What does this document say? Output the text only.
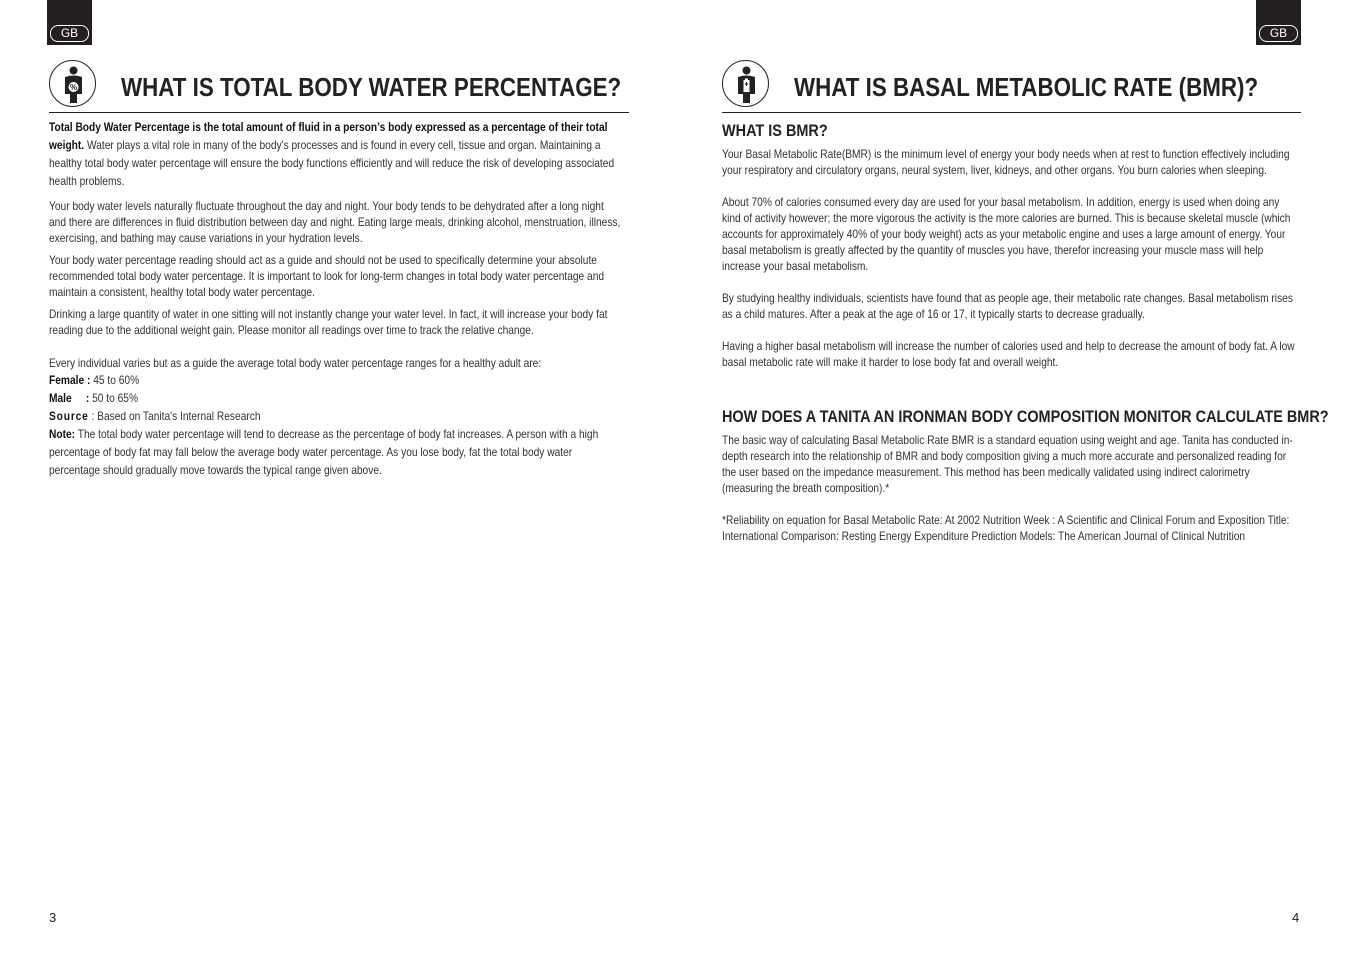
GB
% WHAT IS TOTAL BODY WATER PERCENTAGE?

Total Body Water Percentage is the total amount of fluid in a person’s body expressed as a percentage of their total weight. Water plays a vital role in many of the body's processes and is found in every cell, tissue and organ. Maintaining a healthy total body water percentage will ensure the body functions efficiently and will reduce the risk of developing associated health problems.

Your body water levels naturally fluctuate throughout the day and night. Your body tends to be dehydrated after a long night and there are differences in fluid distribution between day and night. Eating large meals, drinking alcohol, menstruation, illness, exercising, and bathing may cause variations in your hydration levels.

Your body water percentage reading should act as a guide and should not be used to specifically determine your absolute recommended total body water percentage. It is important to look for long-term changes in total body water percentage and maintain a consistent, healthy total body water percentage.

Drinking a large quantity of water in one sitting will not instantly change your water level. In fact, it will increase your body fat reading due to the additional weight gain. Please monitor all readings over time to track the relative change.

Every individual varies but as a guide the average total body water percentage ranges for a healthy adult are:

Female : 45 to 60%

Male     : 50 to 65%

Source : Based on Tanita's Internal Research

Note: The total body water percentage will tend to decrease as the percentage of body fat increases. A person with a high percentage of body fat may fall below the average body water percentage. As you lose body, fat the total body water percentage should gradually move towards the typical range given above.

3
GB
WHAT IS BASAL METABOLIC RATE (BMR)?
WHAT IS BMR?

Your Basal Metabolic Rate(BMR) is the minimum level of energy your body needs when at rest to function effectively including your respiratory and circulatory organs, neural system, liver, kidneys, and other organs. You burn calories when sleeping.

About 70% of calories consumed every day are used for your basal metabolism. In addition, energy is used when doing any kind of activity however; the more vigorous the activity is the more calories are burned. This is because skeletal muscle (which accounts for approximately 40% of your body weight) acts as your metabolic engine and uses a large amount of energy. Your basal metabolism is greatly affected by the quantity of muscles you have, therefor increasing your muscle mass will help increase your basal metabolism.

By studying healthy individuals, scientists have found that as people age, their metabolic rate changes. Basal metabolism rises as a child matures. After a peak at the age of 16 or 17, it typically starts to decrease gradually.

Having a higher basal metabolism will increase the number of calories used and help to decrease the amount of body fat. A low basal metabolic rate will make it harder to lose body fat and overall weight.

HOW DOES A TANITA AN IRONMAN BODY COMPOSITION MONITOR CALCULATE BMR?

The basic way of calculating Basal Metabolic Rate BMR is a standard equation using weight and age. Tanita has conducted in-depth research into the relationship of BMR and body composition giving a much more accurate and personalized reading for the user based on the impedance measurement. This method has been medically validated using indirect calorimetry (measuring the breath composition).*

*Reliability on equation for Basal Metabolic Rate: At 2002 Nutrition Week : A Scientific and Clinical Forum and Exposition Title: International Comparison: Resting Energy Expenditure Prediction Models: The American Journal of Clinical Nutrition

4
